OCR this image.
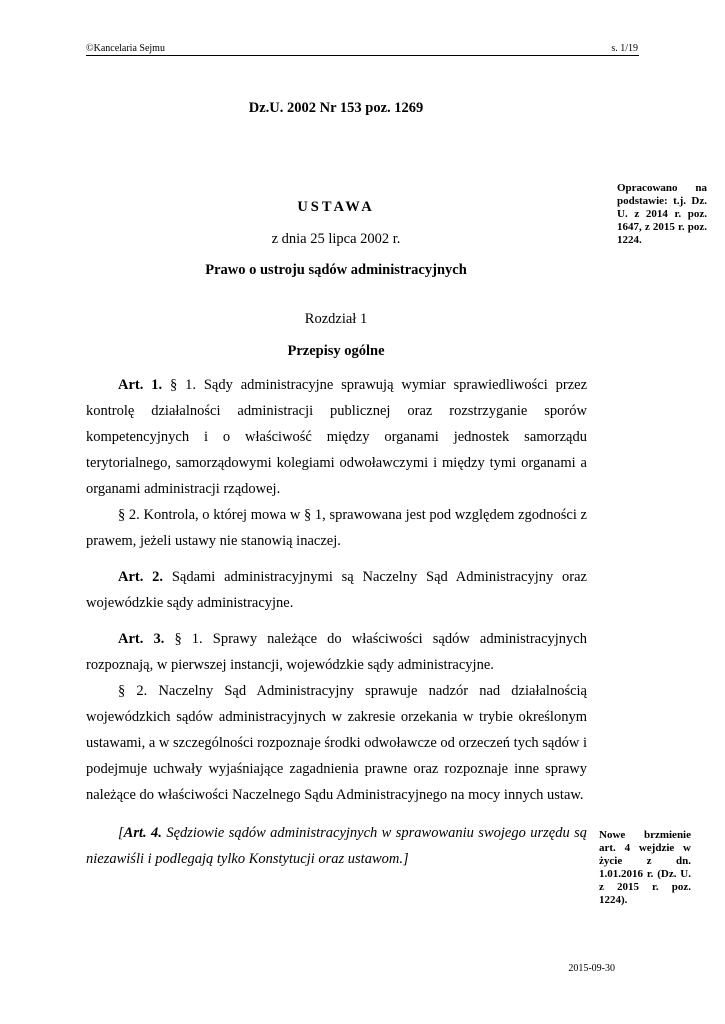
©Kancelaria Sejmu	s. 1/19
Dz.U. 2002 Nr 153 poz. 1269
USTAWA
z dnia 25 lipca 2002 r.
Prawo o ustroju sądów administracyjnych
Rozdział 1
Przepisy ogólne

Art. 1. § 1. Sądy administracyjne sprawują wymiar sprawiedliwości przez kontrolę działalności administracji publicznej oraz rozstrzyganie sporów kompetencyjnych i o właściwość między organami jednostek samorządu terytorialnego, samorządowymi kolegiami odwoławczymi i między tymi organami a organami administracji rządowej.

§ 2. Kontrola, o której mowa w § 1, sprawowana jest pod względem zgodności z prawem, jeżeli ustawy nie stanowią inaczej.

Art. 2. Sądami administracyjnymi są Naczelny Sąd Administracyjny oraz wojewódzkie sądy administracyjne.

Art. 3. § 1. Sprawy należące do właściwości sądów administracyjnych rozpoznają, w pierwszej instancji, wojewódzkie sądy administracyjne.

§ 2. Naczelny Sąd Administracyjny sprawuje nadzór nad działalnością wojewódzkich sądów administracyjnych w zakresie orzekania w trybie określonym ustawami, a w szczególności rozpoznaje środki odwoławcze od orzeczeń tych sądów i podejmuje uchwały wyjaśniające zagadnienia prawne oraz rozpoznaje inne sprawy należące do właściwości Naczelnego Sądu Administracyjnego na mocy innych ustaw.

[Art. 4. Sędziowie sądów administracyjnych w sprawowaniu swojego urzędu są niezawiśli i podlegają tylko Konstytucji oraz ustawom.]

Opracowano na podstawie: t.j. Dz. U. z 2014 r. poz. 1647, z 2015 r. poz. 1224.
Nowe brzmienie art. 4 wejdzie w życie z dn. 1.01.2016 r. (Dz. U. z 2015 r. poz. 1224).
2015-09-30
